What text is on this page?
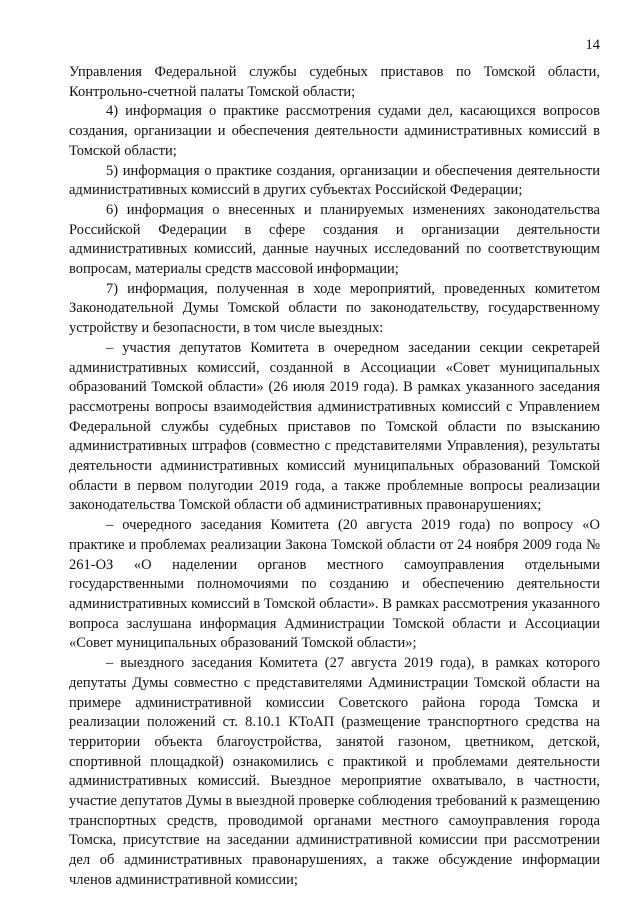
14

Управления Федеральной службы судебных приставов по Томской области, Контрольно-счетной палаты Томской области;

4) информация о практике рассмотрения судами дел, касающихся вопросов создания, организации и обеспечения деятельности административных комиссий в Томской области;

5) информация о практике создания, организации и обеспечения деятельности административных комиссий в других субъектах Российской Федерации;

6) информация о внесенных и планируемых изменениях законодательства Российской Федерации в сфере создания и организации деятельности административных комиссий, данные научных исследований по соответствующим вопросам, материалы средств массовой информации;

7) информация, полученная в ходе мероприятий, проведенных комитетом Законодательной Думы Томской области по законодательству, государственному устройству и безопасности, в том числе выездных:

– участия депутатов Комитета в очередном заседании секции секретарей административных комиссий, созданной в Ассоциации «Совет муниципальных образований Томской области» (26 июля 2019 года). В рамках указанного заседания рассмотрены вопросы взаимодействия административных комиссий с Управлением Федеральной службы судебных приставов по Томской области по взысканию административных штрафов (совместно с представителями Управления), результаты деятельности административных комиссий муниципальных образований Томской области в первом полугодии 2019 года, а также проблемные вопросы реализации законодательства Томской области об административных правонарушениях;

– очередного заседания Комитета (20 августа 2019 года) по вопросу «О практике и проблемах реализации Закона Томской области от 24 ноября 2009 года № 261-ОЗ «О наделении органов местного самоуправления отдельными государственными полномочиями по созданию и обеспечению деятельности административных комиссий в Томской области». В рамках рассмотрения указанного вопроса заслушана информация Администрации Томской области и Ассоциации «Совет муниципальных образований Томской области»;

– выездного заседания Комитета (27 августа 2019 года), в рамках которого депутаты Думы совместно с представителями Администрации Томской области на примере административной комиссии Советского района города Томска и реализации положений ст. 8.10.1 КТоАП (размещение транспортного средства на территории объекта благоустройства, занятой газоном, цветником, детской, спортивной площадкой) ознакомились с практикой и проблемами деятельности административных комиссий. Выездное мероприятие охватывало, в частности, участие депутатов Думы в выездной проверке соблюдения требований к размещению транспортных средств, проводимой органами местного самоуправления города Томска, присутствие на заседании административной комиссии при рассмотрении дел об административных правонарушениях, а также обсуждение информации членов административной комиссии;
